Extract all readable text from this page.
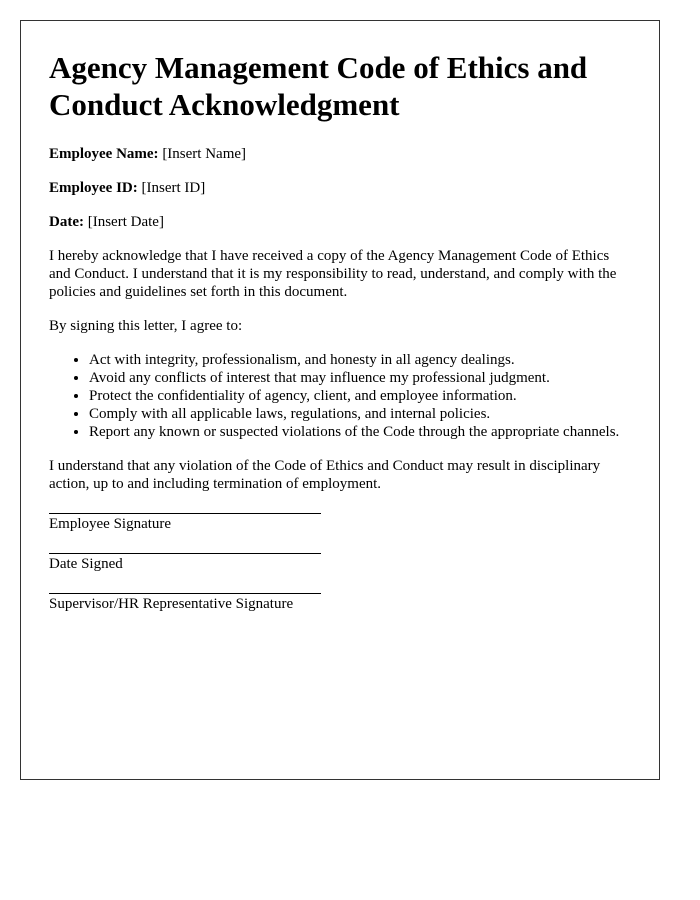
Agency Management Code of Ethics and Conduct Acknowledgment
Employee Name: [Insert Name]
Employee ID: [Insert ID]
Date: [Insert Date]

I hereby acknowledge that I have received a copy of the Agency Management Code of Ethics and Conduct. I understand that it is my responsibility to read, understand, and comply with the policies and guidelines set forth in this document.

By signing this letter, I agree to:

• Act with integrity, professionalism, and honesty in all agency dealings.
• Avoid any conflicts of interest that may influence my professional judgment.
• Protect the confidentiality of agency, client, and employee information.
• Comply with all applicable laws, regulations, and internal policies.
• Report any known or suspected violations of the Code through the appropriate channels.

I understand that any violation of the Code of Ethics and Conduct may result in disciplinary action, up to and including termination of employment.

Employee Signature
Date Signed
Supervisor/HR Representative Signature
